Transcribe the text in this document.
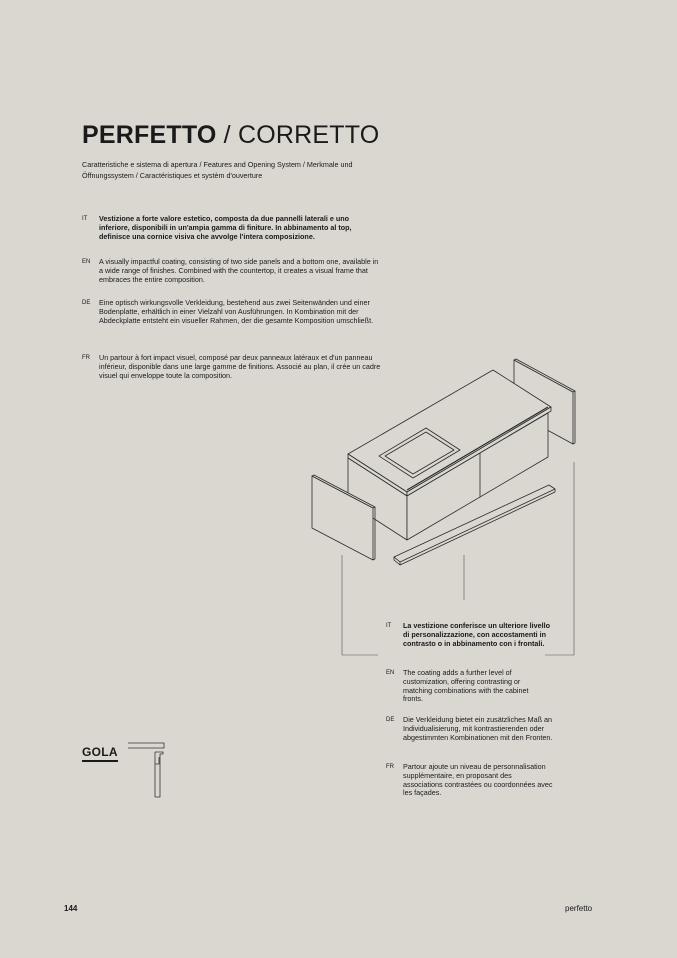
PERFETTO / CORRETTO
Caratteristiche e sistema di apertura / Features and Opening System / Merkmale und Öffnungssystem / Caractéristiques et systèm d'ouverture
IT Vestizione a forte valore estetico, composta da due pannelli laterali e uno inferiore, disponibili in un'ampia gamma di finiture. In abbinamento al top, definisce una cornice visiva che avvolge l'intera composizione.
EN A visually impactful coating, consisting of two side panels and a bottom one, available in a wide range of finishes. Combined with the countertop, it creates a visual frame that embraces the entire composition.
DE Eine optisch wirkungsvolle Verkleidung, bestehend aus zwei Seitenwänden und einer Bodenplatte, erhältlich in einer Vielzahl von Ausführungen. In Kombination mit der Abdeckplatte entsteht ein visueller Rahmen, der die gesamte Komposition umschließt.
FR Un partour à fort impact visuel, composé par deux panneaux latéraux et d'un panneau inférieur, disponible dans une large gamme de finitions. Associé au plan, il crée un cadre visuel qui enveloppe toute la composition.
IT La vestizione conferisce un ulteriore livello di personalizzazione, con accostamenti in contrasto o in abbinamento con i frontali.
EN The coating adds a further level of customization, offering contrasting or matching combinations with the cabinet fronts.
DE Die Verkleidung bietet ein zusätzliches Maß an Individualisierung, mit kontrastierenden oder abgestimmten Kombinationen mit den Fronten.
FR Partour ajoute un niveau de personnalisation supplémentaire, en proposant des associations contrastées ou coordonnées avec les façades.
GOLA
144	perfetto
